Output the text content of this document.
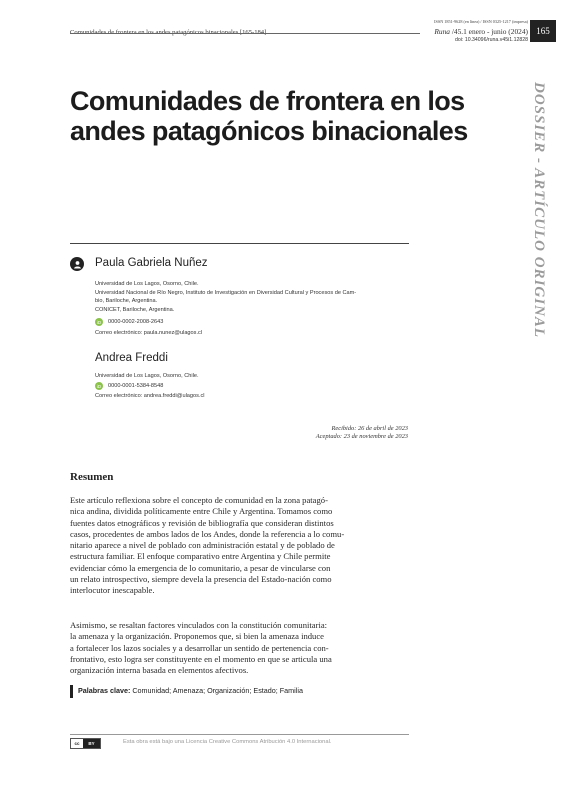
Comunidades de frontera en los andes patagónicos binacionales [165-184]
ISSN 1851-9628 (en línea) / ISSN 0325-1217 (impresa)
Runa /45.1 enero - junio (2024)
doi: 10.34096/runa.v45i1.12828
165
DOSSIER - ARTÍCULO ORIGINAL
Comunidades de frontera en los andes patagónicos binacionales
Paula Gabriela Nuñez
Universidad de Los Lagos, Osorno, Chile.
Universidad Nacional de Río Negro, Instituto de Investigación en Diversidad Cultural y Procesos de Cam-
bio, Bariloche, Argentina.
CONICET, Bariloche, Argentina.
iD	0000-0002-2008-2643
Correo electrónico: paula.nunez@ulagos.cl
Andrea Freddi
Universidad de Los Lagos, Osorno, Chile.
iD	0000-0001-5384-8548
Correo electrónico: andrea.freddi@ulagos.cl
Recibido: 26 de abril de 2023
Aceptado: 23 de noviembre de 2023
Resumen
Este artículo reflexiona sobre el concepto de comunidad en la zona patagó-
nica andina, dividida políticamente entre Chile y Argentina. Tomamos como
fuentes datos etnográficos y revisión de bibliografía que consideran distintos
casos, procedentes de ambos lados de los Andes, donde la referencia a lo comu-
nitario aparece a nivel de poblado con administración estatal y de poblado de
estructura familiar. El enfoque comparativo entre Argentina y Chile permite
evidenciar cómo la emergencia de lo comunitario, a pesar de vincularse con
un relato introspectivo, siempre devela la presencia del Estado-nación como
interlocutor inescapable.
Asimismo, se resaltan factores vinculados con la constitución comunitaria:
la amenaza y la organización. Proponemos que, si bien la amenaza induce
a fortalecer los lazos sociales y a desarrollar un sentido de pertenencia con-
frontativo, esto logra ser constituyente en el momento en que se articula una
organización interna basada en elementos afectivos.
Palabras clave: Comunidad; Amenaza; Organización; Estado; Familia
cc	BY	Esta obra está bajo una Licencia Creative Commons Atribución 4.0 Internacional.
